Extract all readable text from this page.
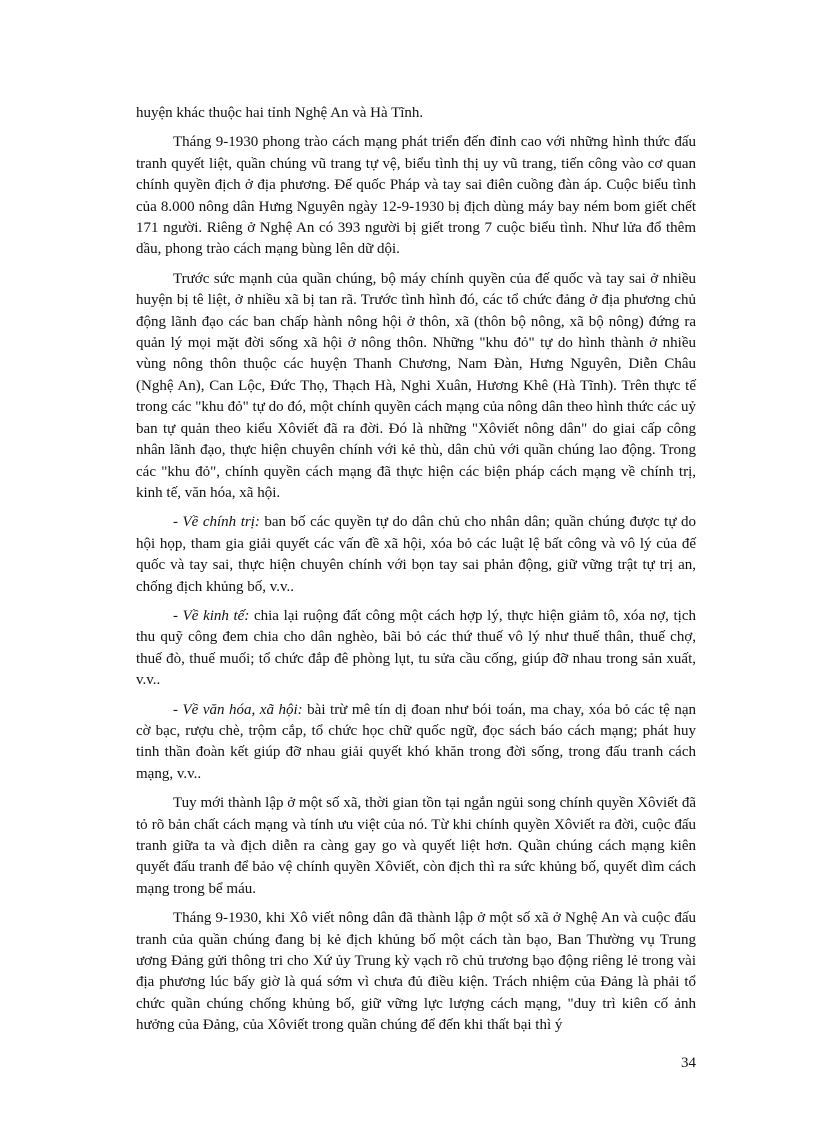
huyện khác thuộc hai tỉnh Nghệ An và Hà Tĩnh.

Tháng 9-1930 phong trào cách mạng phát triển đến đỉnh cao với những hình thức đấu tranh quyết liệt, quần chúng vũ trang tự vệ, biểu tình thị uy vũ trang, tiến công vào cơ quan chính quyền địch ở địa phương. Đế quốc Pháp và tay sai điên cuồng đàn áp. Cuộc biểu tình của 8.000 nông dân Hưng Nguyên ngày 12-9-1930 bị địch dùng máy bay ném bom giết chết 171 người. Riêng ở Nghệ An có 393 người bị giết trong 7 cuộc biểu tình. Như lửa đổ thêm dầu, phong trào cách mạng bùng lên dữ dội.

Trước sức mạnh của quần chúng, bộ máy chính quyền của đế quốc và tay sai ở nhiều huyện bị tê liệt, ở nhiều xã bị tan rã. Trước tình hình đó, các tổ chức đảng ở địa phương chủ động lãnh đạo các ban chấp hành nông hội ở thôn, xã (thôn bộ nông, xã bộ nông) đứng ra quản lý mọi mặt đời sống xã hội ở nông thôn. Những "khu đỏ" tự do hình thành ở nhiều vùng nông thôn thuộc các huyện Thanh Chương, Nam Đàn, Hưng Nguyên, Diễn Châu (Nghệ An), Can Lộc, Đức Thọ, Thạch Hà, Nghi Xuân, Hương Khê (Hà Tĩnh). Trên thực tế trong các "khu đỏ" tự do đó, một chính quyền cách mạng của nông dân theo hình thức các uỷ ban tự quản theo kiểu Xôviết đã ra đời. Đó là những "Xôviết nông dân" do giai cấp công nhân lãnh đạo, thực hiện chuyên chính với kẻ thù, dân chủ với quần chúng lao động. Trong các "khu đỏ", chính quyền cách mạng đã thực hiện các biện pháp cách mạng về chính trị, kinh tế, văn hóa, xã hội.

- Về chính trị: ban bố các quyền tự do dân chủ cho nhân dân; quần chúng được tự do hội họp, tham gia giải quyết các vấn đề xã hội, xóa bỏ các luật lệ bất công và vô lý của đế quốc và tay sai, thực hiện chuyên chính với bọn tay sai phản động, giữ vững trật tự trị an, chống địch khủng bố, v.v..

- Về kinh tế: chia lại ruộng đất công một cách hợp lý, thực hiện giảm tô, xóa nợ, tịch thu quỹ công đem chia cho dân nghèo, bãi bỏ các thứ thuế vô lý như thuế thân, thuế chợ, thuế đò, thuế muối; tổ chức đắp đê phòng lụt, tu sửa cầu cống, giúp đỡ nhau trong sản xuất, v.v..

- Về văn hóa, xã hội: bài trừ mê tín dị đoan như bói toán, ma chay, xóa bỏ các tệ nạn cờ bạc, rượu chè, trộm cắp, tổ chức học chữ quốc ngữ, đọc sách báo cách mạng; phát huy tinh thần đoàn kết giúp đỡ nhau giải quyết khó khăn trong đời sống, trong đấu tranh cách mạng, v.v..

Tuy mới thành lập ở một số xã, thời gian tồn tại ngắn ngủi song chính quyền Xôviết đã tỏ rõ bản chất cách mạng và tính ưu việt của nó. Từ khi chính quyền Xôviết ra đời, cuộc đấu tranh giữa ta và địch diễn ra càng gay go và quyết liệt hơn. Quần chúng cách mạng kiên quyết đấu tranh để bảo vệ chính quyền Xôviết, còn địch thì ra sức khủng bố, quyết dìm cách mạng trong bể máu.

Tháng 9-1930, khi Xô viết nông dân đã thành lập ở một số xã ở Nghệ An và cuộc đấu tranh của quần chúng đang bị kẻ địch khủng bố một cách tàn bạo, Ban Thường vụ Trung ương Đảng gửi thông tri cho Xứ ủy Trung kỳ vạch rõ chủ trương bạo động riêng lẻ trong vài địa phương lúc bấy giờ là quá sớm vì chưa đủ điều kiện. Trách nhiệm của Đảng là phải tổ chức quần chúng chống khủng bố, giữ vững lực lượng cách mạng, "duy trì kiên cố ảnh hưởng của Đảng, của Xôviết trong quần chúng để đến khi thất bại thì ý

34
